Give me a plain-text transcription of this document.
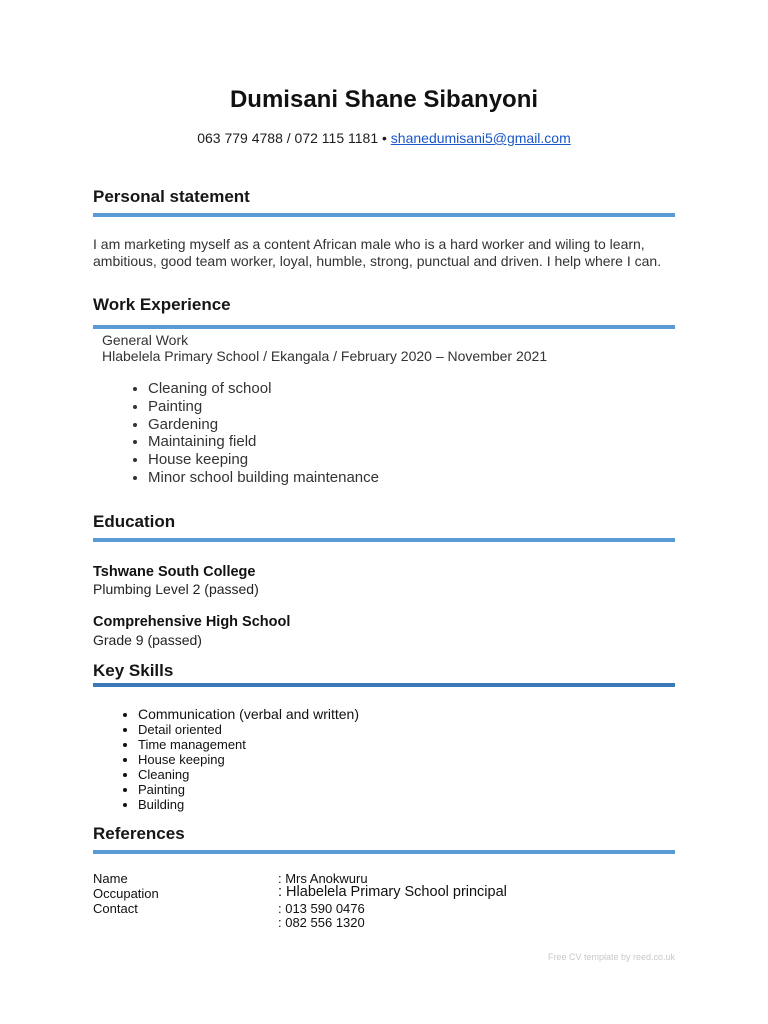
Dumisani Shane Sibanyoni
063 779 4788 / 072 115 1181 • shanedumisani5@gmail.com
Personal statement
I am marketing myself as a content African male who is a hard worker and wiling to learn, ambitious, good team worker, loyal, humble, strong, punctual and driven. I help where I can.
Work Experience
General Work
Hlabelela Primary School / Ekangala / February 2020 – November 2021
• Cleaning of school
• Painting
• Gardening
• Maintaining field
• House keeping
• Minor school building maintenance
Education
Tshwane South College
Plumbing Level 2 (passed)
Comprehensive High School
Grade 9 (passed)
Key Skills
• Communication (verbal and written)
• Detail oriented
• Time management
• House keeping
• Cleaning
• Painting
• Building
References
Name	: Mrs Anokwuru
Occupation	: Hlabelela Primary School principal
Contact	: 013 590 0476
: 082 556 1320
Free CV template by reed.co.uk
